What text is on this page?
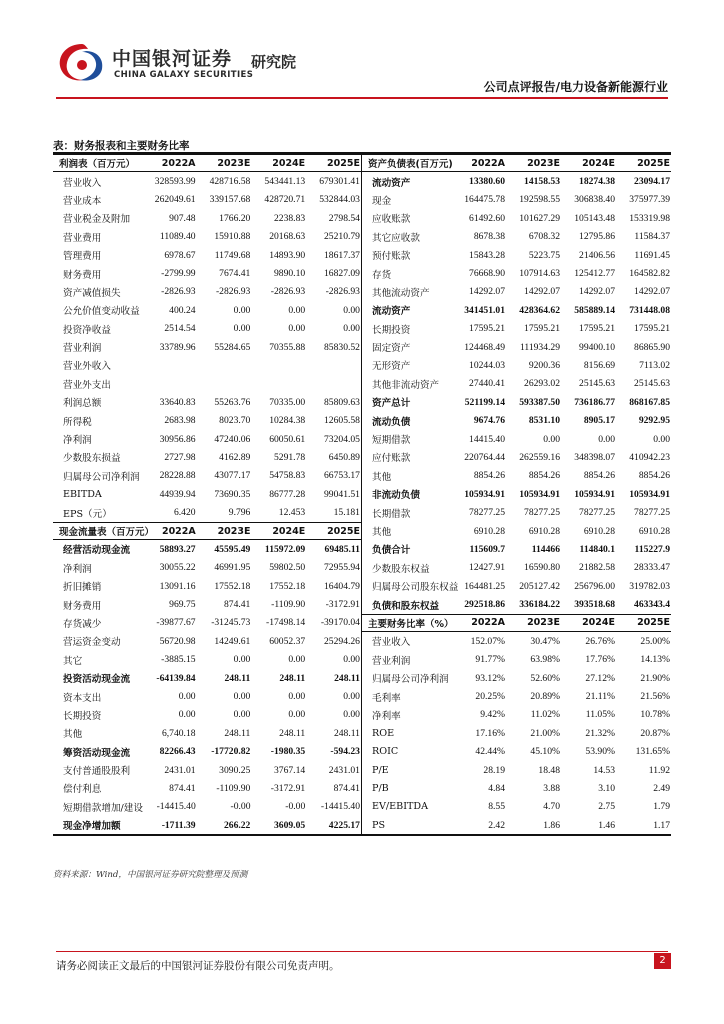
中国银河证券
CHINA GALAXY SECURITIES
研究院
公司点评报告/电力设备新能源行业
表：财务报表和主要财务比率
利润表（百万元）	2022A	2023E	2024E	2025E
营业收入	328593.99	428716.58	543441.13	679301.41
营业成本	262049.61	339157.68	428720.71	532844.03
营业税金及附加	907.48	1766.20	2238.83	2798.54
营业费用	11089.40	15910.88	20168.63	25210.79
管理费用	6978.67	11749.68	14893.90	18617.37
财务费用	-2799.99	7674.41	9890.10	16827.09
资产减值损失	-2826.93	-2826.93	-2826.93	-2826.93
公允价值变动收益	400.24	0.00	0.00	0.00
投资净收益	2514.54	0.00	0.00	0.00
营业利润	33789.96	55284.65	70355.88	85830.52
营业外收入
营业外支出
利润总额	33640.83	55263.76	70335.00	85809.63
所得税	2683.98	8023.70	10284.38	12605.58
净利润	30956.86	47240.06	60050.61	73204.05
少数股东损益	2727.98	4162.89	5291.78	6450.89
归属母公司净利润	28228.88	43077.17	54758.83	66753.17
EBITDA	44939.94	73690.35	86777.28	99041.51
EPS（元）	6.420	9.796	12.453	15.181
现金流量表（百万元） 2022A	2023E	2024E	2025E
经营活动现金流	58893.27	45595.49	115972.09	69485.11
净利润	30055.22	46991.95	59802.50	72955.94
折旧摊销	13091.16	17552.18	17552.18	16404.79
财务费用	969.75	874.41	-1109.90	-3172.91
存货减少	-39877.67	-31245.73	-17498.14	-39170.04
营运资金变动	56720.98	14249.61	60052.37	25294.26
其它	-3885.15	0.00	0.00	0.00
投资活动现金流	-64139.84	248.11	248.11	248.11
资本支出	0.00	0.00	0.00	0.00
长期投资	0.00	0.00	0.00	0.00
其他	6,740.18	248.11	248.11	248.11
筹资活动现金流	82266.43	-17720.82	-1980.35	-594.23
支付普通股股利	2431.01	3090.25	3767.14	2431.01
偿付利息	874.41	-1109.90	-3172.91	874.41
短期借款增加/建设	-14415.40	-0.00	-0.00	-14415.40
现金净增加额	-1711.39	266.22	3609.05	4225.17
资产负债表(百万元)	2022A	2023E	2024E	2025E
流动资产	13380.60	14158.53	18274.38	23094.17
现金	164475.78	192598.55	306838.40	375977.39
应收账款	61492.60	101627.29	105143.48	153319.98
其它应收款	8678.38	6708.32	12795.86	11584.37
预付账款	15843.28	5223.75	21406.56	11691.45
存货	76668.90	107914.63	125412.77	164582.82
其他流动资产	14292.07	14292.07	14292.07	14292.07
流动资产	341451.01	428364.62	585889.14	731448.08
长期投资	17595.21	17595.21	17595.21	17595.21
固定资产	124468.49	111934.29	99400.10	86865.90
无形资产	10244.03	9200.36	8156.69	7113.02
其他非流动资产	27440.41	26293.02	25145.63	25145.63
资产总计	521199.14	593387.50	736186.77	868167.85
流动负债	9674.76	8531.10	8905.17	9292.95
短期借款	14415.40	0.00	0.00	0.00
应付账款	220764.44	262559.16	348398.07	410942.23
其他	8854.26	8854.26	8854.26	8854.26
非流动负债	105934.91	105934.91	105934.91	105934.91
长期借款	78277.25	78277.25	78277.25	78277.25
其他	6910.28	6910.28	6910.28	6910.28
负债合计	115609.7	114466	114840.1	115227.9
少数股东权益	12427.91	16590.80	21882.58	28333.47
归属母公司股东权益 164481.25	205127.42	256796.00	319782.03
负债和股东权益	292518.86	336184.22	393518.68	463343.4
主要财务比率（%）	2022A	2023E	2024E	2025E
营业收入	152.07%	30.47%	26.76%	25.00%
营业利润	91.77%	63.98%	17.76%	14.13%
归属母公司净利润	93.12%	52.60%	27.12%	21.90%
毛利率	20.25%	20.89%	21.11%	21.56%
净利率	9.42%	11.02%	11.05%	10.78%
ROE	17.16%	21.00%	21.32%	20.87%
ROIC	42.44%	45.10%	53.90%	131.65%
P/E	28.19	18.48	14.53	11.92
P/B	4.84	3.88	3.10	2.49
EV/EBITDA	8.55	4.70	2.75	1.79
PS	2.42	1.86	1.46	1.17
资料来源：Wind，中国银河证券研究院整理及预测
请务必阅读正文最后的中国银河证券股份有限公司免责声明。	2
